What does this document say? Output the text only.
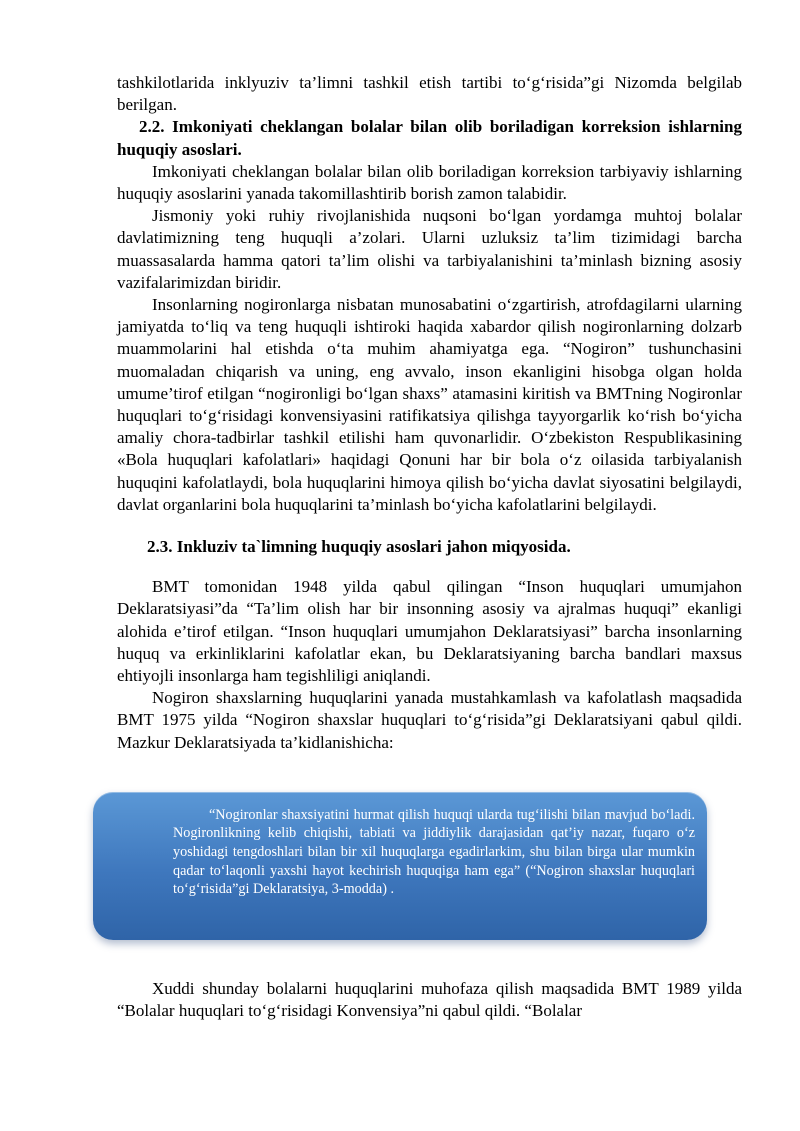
tashkilotlarida inklyuziv ta’limni tashkil etish tartibi to‘g‘risida”gi Nizomda belgilab berilgan.

2.2. Imkoniyati cheklangan bolalar bilan olib boriladigan korreksion ishlarning huquqiy asoslari.

Imkoniyati cheklangan bolalar bilan olib boriladigan korreksion tarbiyaviy ishlarning huquqiy asoslarini yanada takomillashtirib borish zamon talabidir.

Jismoniy yoki ruhiy rivojlanishida nuqsoni bo‘lgan yordamga muhtoj bolalar davlatimizning teng huquqli a’zolari. Ularni uzluksiz ta’lim tizimidagi barcha muassasalarda hamma qatori ta’lim olishi va tarbiyalanishini ta’minlash bizning asosiy vazifalarimizdan biridir.

Insonlarning nogironlarga nisbatan munosabatini o‘zgartirish, atrofdagilarni ularning jamiyatda to‘liq va teng huquqli ishtiroki haqida xabardor qilish nogironlarning dolzarb muammolarini hal etishda o‘ta muhim ahamiyatga ega. “Nogiron” tushunchasini muomaladan chiqarish va uning, eng avvalo, inson ekanligini hisobga olgan holda umume’tirof etilgan “nogironligi bo‘lgan shaxs” atamasini kiritish va BMTning Nogironlar huquqlari to‘g‘risidagi konvensiyasini ratifikatsiya qilishga tayyorgarlik ko‘rish bo‘yicha amaliy chora-tadbirlar tashkil etilishi ham quvonarlidir. O‘zbekiston Respublikasining «Bola huquqlari kafolatlari» haqidagi Qonuni har bir bola o‘z oilasida tarbiyalanish huquqini kafolatlaydi, bola huquqlarini himoya qilish bo‘yicha davlat siyosatini belgilaydi, davlat organlarini bola huquqlarini ta’minlash bo‘yicha kafolatlarini belgilaydi.

2.3. Inkluziv ta`limning huquqiy asoslari jahon miqyosida.

BMT tomonidan 1948 yilda qabul qilingan “Inson huquqlari umumjahon Deklaratsiyasi”da “Ta’lim olish har bir insonning asosiy va ajralmas huquqi” ekanligi alohida e’tirof etilgan. “Inson huquqlari umumjahon Deklaratsiyasi” barcha insonlarning huquq va erkinliklarini kafolatlar ekan, bu Deklaratsiyaning barcha bandlari maxsus ehtiyojli insonlarga ham tegishliligi aniqlandi.

Nogiron shaxslarning huquqlarini yanada mustahkamlash va kafolatlash maqsadida BMT 1975 yilda “Nogiron shaxslar huquqlari to‘g‘risida”gi Deklaratsiyani qabul qildi. Mazkur Deklaratsiyada ta’kidlanishicha:

“Nogironlar shaxsiyatini hurmat qilish huquqi ularda tug‘ilishi bilan mavjud bo‘ladi. Nogironlikning kelib chiqishi, tabiati va jiddiylik darajasidan qat’iy nazar, fuqaro o‘z yoshidagi tengdoshlari bilan bir xil huquqlarga egadirlarkim, shu bilan birga ular mumkin qadar to‘laqonli yaxshi hayot kechirish huquqiga ham ega” (“Nogiron shaxslar huquqlari to‘g‘risida”gi Deklaratsiya, 3-modda) .

Xuddi shunday bolalarni huquqlarini muhofaza qilish maqsadida BMT 1989 yilda “Bolalar huquqlari to‘g‘risidagi Konvensiya”ni qabul qildi. “Bolalar
